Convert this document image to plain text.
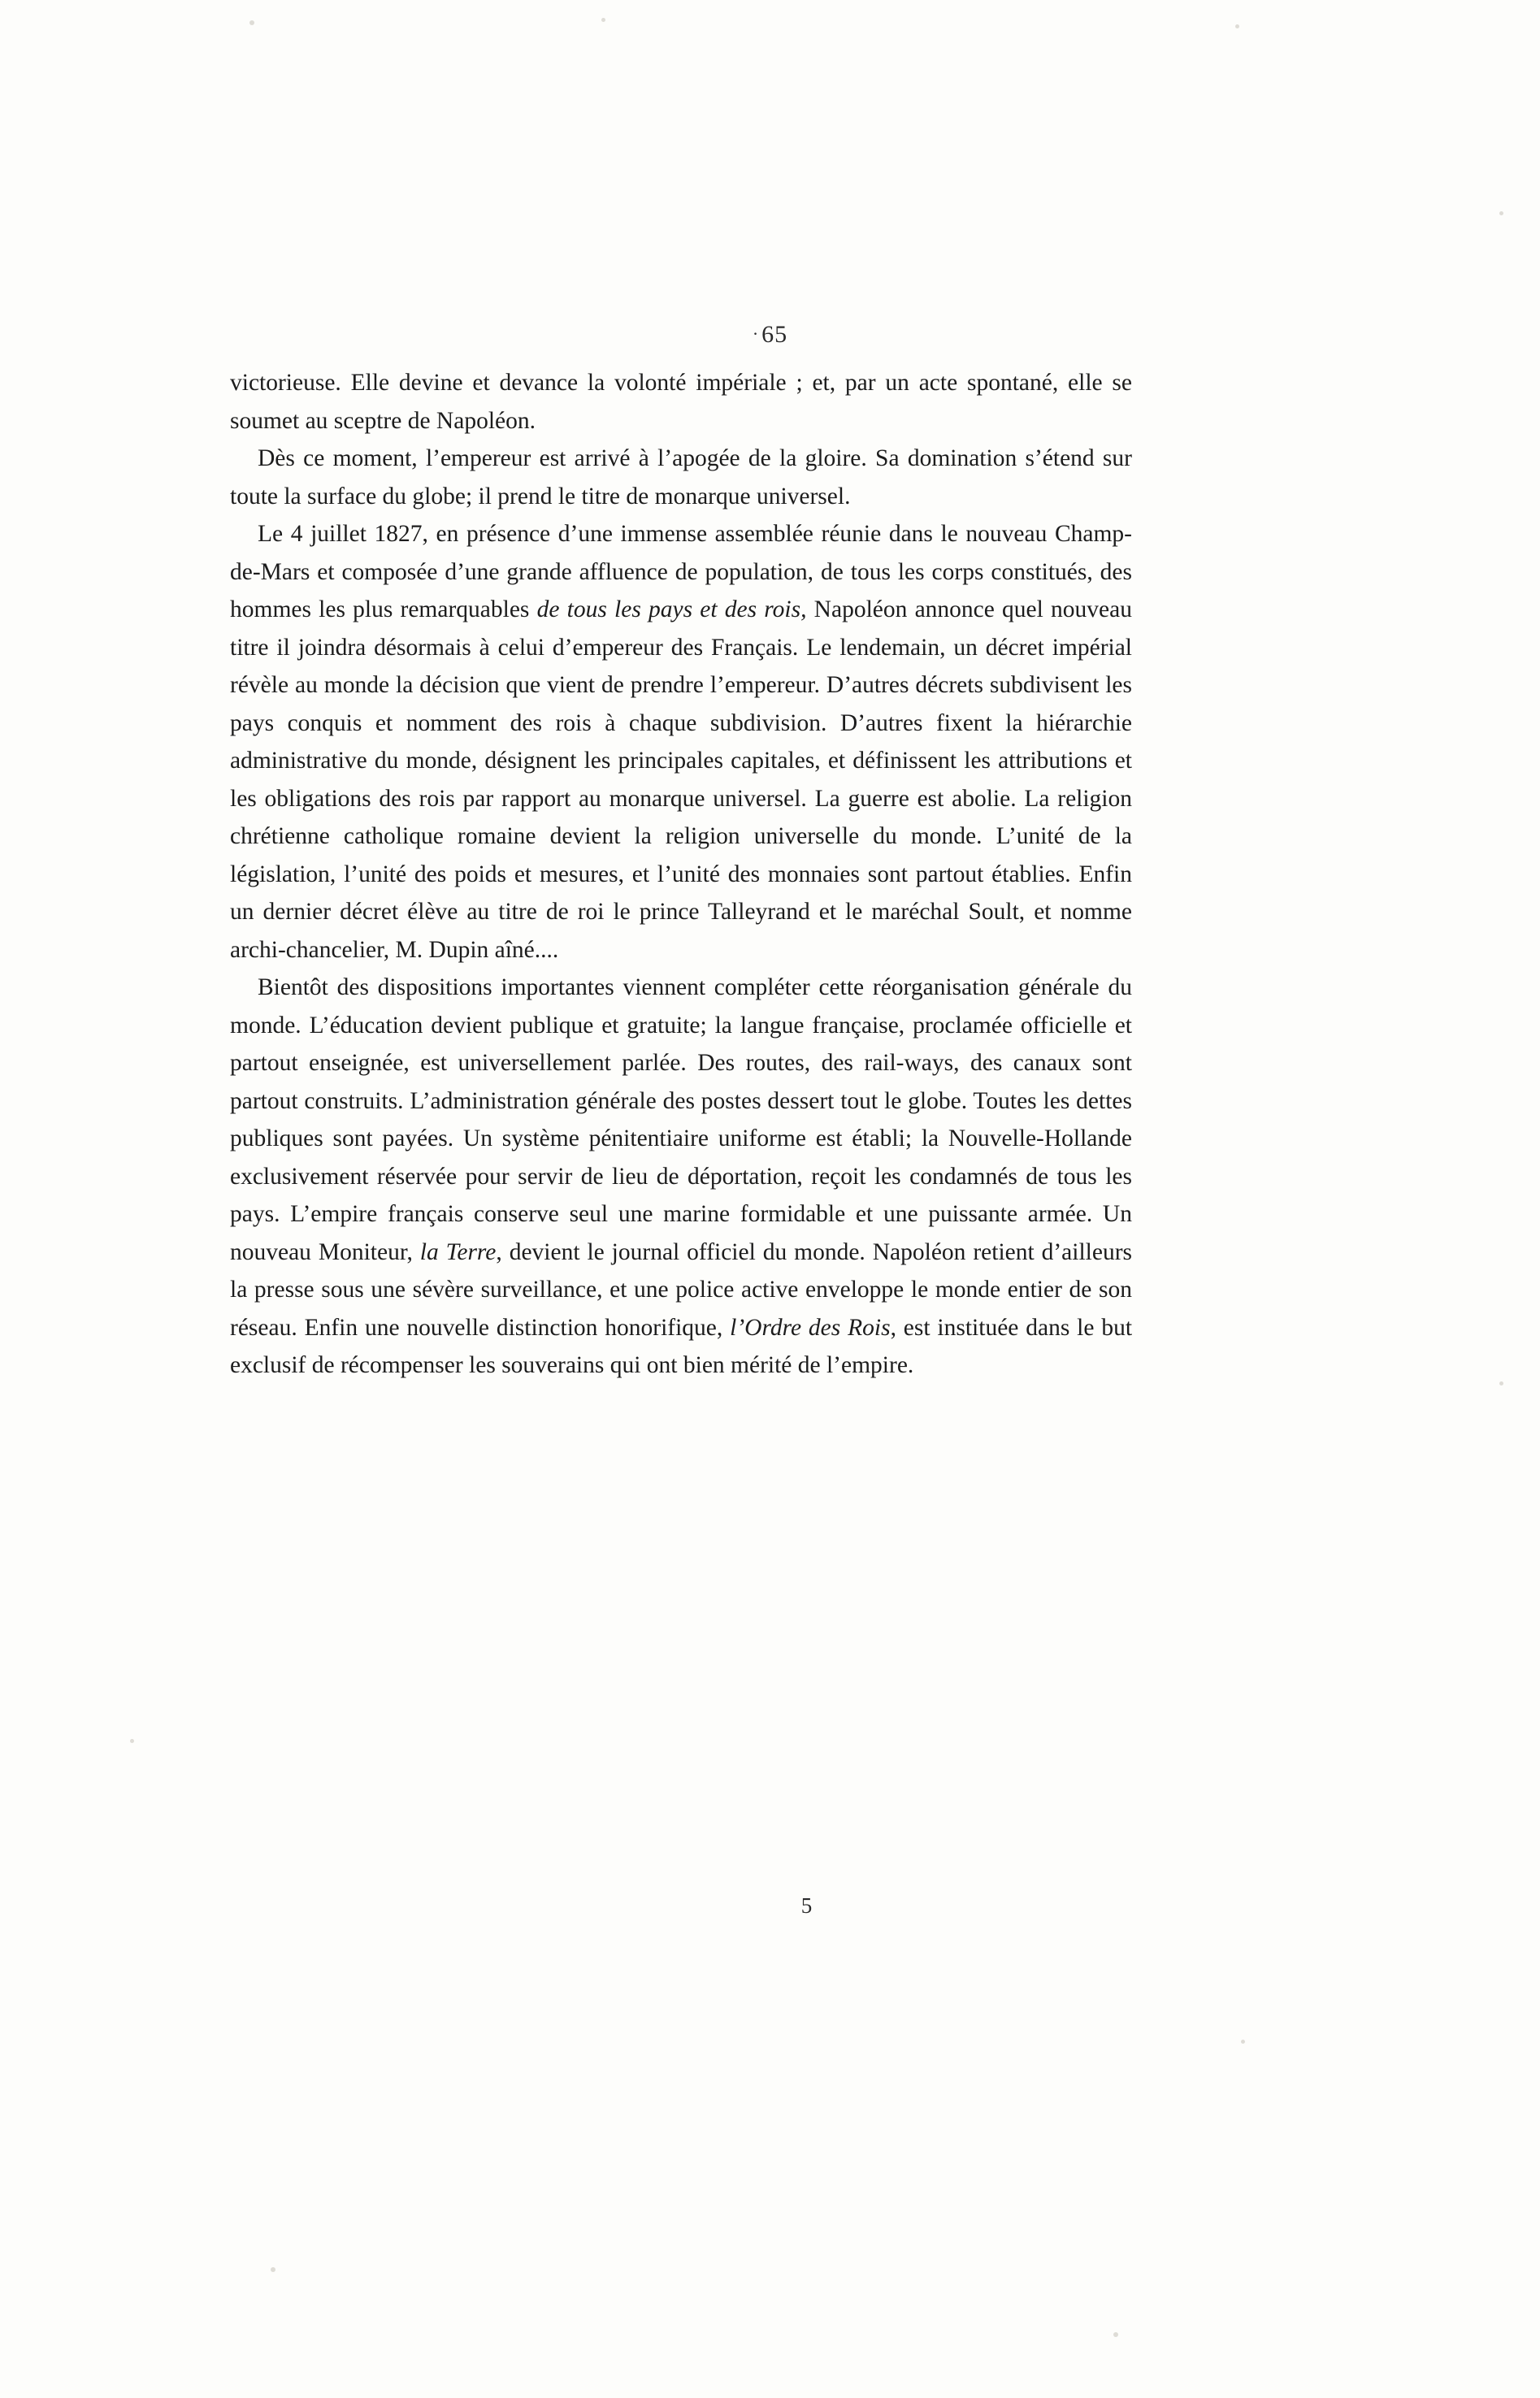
· 65

victorieuse. Elle devine et devance la volonté impériale ; et, par un acte spontané, elle se soumet au sceptre de Napoléon.

Dès ce moment, l’empereur est arrivé à l’apogée de la gloire. Sa domination s’étend sur toute la surface du globe; il prend le titre de monarque universel.

Le 4 juillet 1827, en présence d’une immense assemblée réunie dans le nouveau Champ-de-Mars et composée d’une grande affluence de population, de tous les corps constitués, des hommes les plus remarquables de tous les pays et des rois, Napoléon annonce quel nouveau titre il joindra désormais à celui d’empereur des Français. Le lendemain, un décret impérial révèle au monde la décision que vient de prendre l’empereur. D’autres décrets subdivisent les pays conquis et nomment des rois à chaque subdivision. D’autres fixent la hiérarchie administrative du monde, désignent les principales capitales, et définissent les attributions et les obligations des rois par rapport au monarque universel. La guerre est abolie. La religion chrétienne catholique romaine devient la religion universelle du monde. L’unité de la législation, l’unité des poids et mesures, et l’unité des monnaies sont partout établies. Enfin un dernier décret élève au titre de roi le prince Talleyrand et le maréchal Soult, et nomme archi-chancelier, M. Dupin aîné....

Bientôt des dispositions importantes viennent compléter cette réorganisation générale du monde. L’éducation devient publique et gratuite; la langue française, proclamée officielle et partout enseignée, est universellement parlée. Des routes, des rail-ways, des canaux sont partout construits. L’administration générale des postes dessert tout le globe. Toutes les dettes publiques sont payées. Un système pénitentiaire uniforme est établi; la Nouvelle-Hollande exclusivement réservée pour servir de lieu de déportation, reçoit les condamnés de tous les pays. L’empire français conserve seul une marine formidable et une puissante armée. Un nouveau Moniteur, la Terre, devient le journal officiel du monde. Napoléon retient d’ailleurs la presse sous une sévère surveillance, et une police active enveloppe le monde entier de son réseau. Enfin une nouvelle distinction honorifique, l’Ordre des Rois, est instituée dans le but exclusif de récompenser les souverains qui ont bien mérité de l’empire.

5
